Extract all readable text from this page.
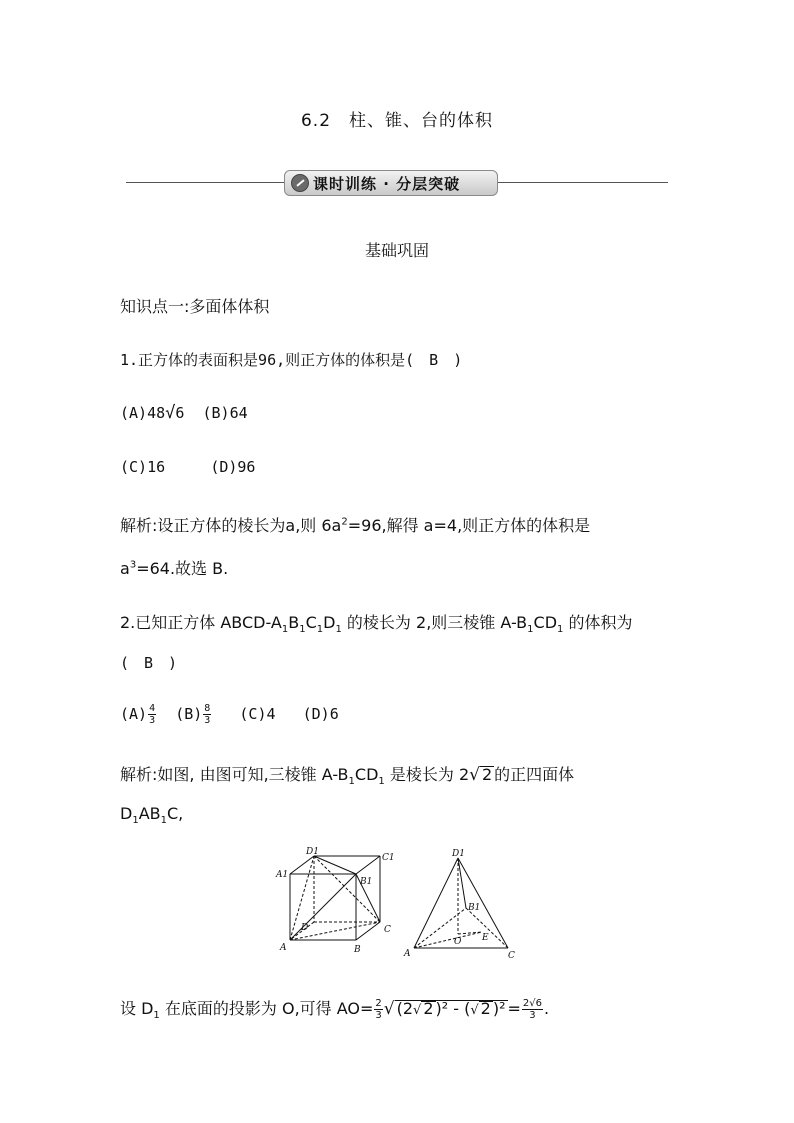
6.2　柱、锥、台的体积
课时训练 · 分层突破
基础巩固
知识点一:多面体体积
1.正方体的表面积是96,则正方体的体积是(　B　)
(A)48√6 (B)64
(C)16	(D)96
解析:设正方体的棱长为a,则 $6a^2=96$,解得 a=4,则正方体的体积是
$a^3=64$.故选 B.
2.已知正方体 ABCD-$A_1B_1C_1D_1$ 的棱长为 2,则三棱锥 $A-B_1CD_1$ 的体积为
(　B　)
$(A) \frac{4}{3} (B) \frac{8}{3} (C)4$ (D)6
解析:如图, 由图可知,三棱锥 $A-B_1CD_1$ 是棱长为 2√ 2 的正四面体
$D_1AB_1C$,
D1
C1
A1
B1
D	C
A	B
D1
B1
O E
A	C
设 $D_1$ 在底面的投影为 O,可得 $AO= \frac{2}{3}$ √ (2√ 2 )² - (√ 2 )$^2 = \frac{2√6}{3}$ .
